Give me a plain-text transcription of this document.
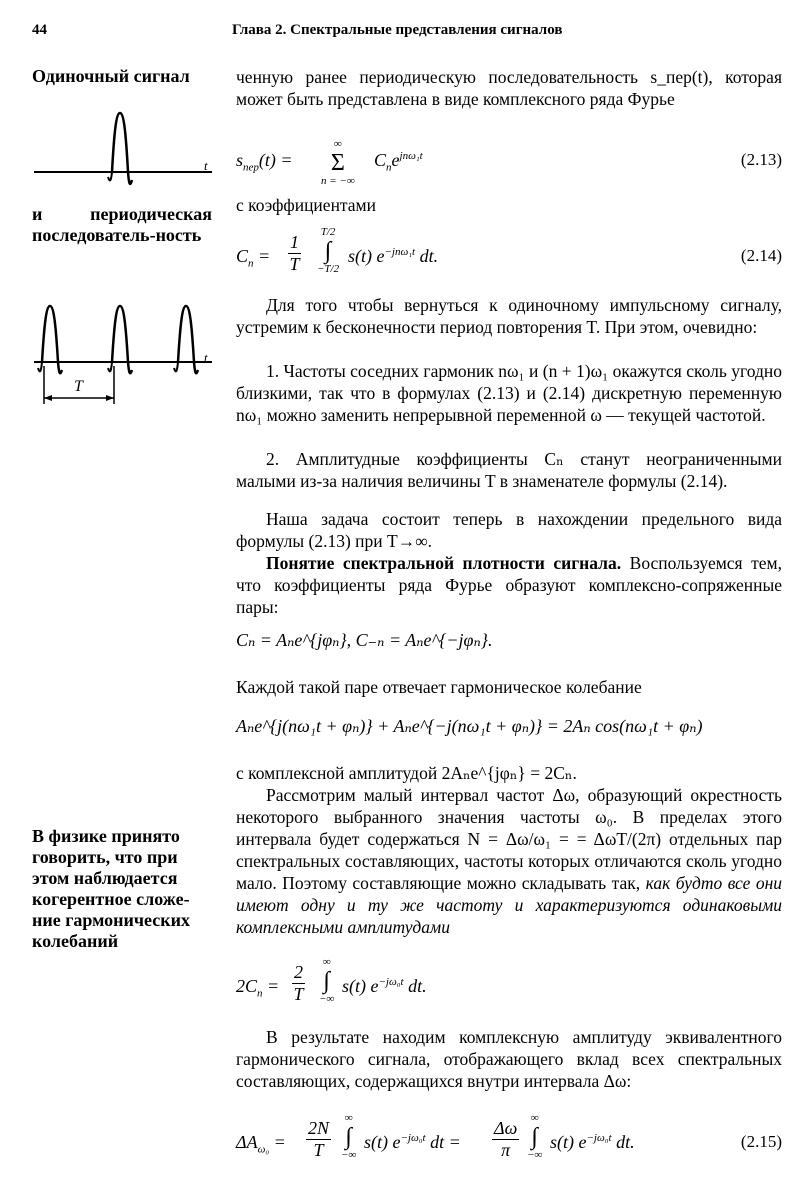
44	Глава 2. Спектральные представления сигналов
Одиночный сигнал
t
и периодическая последователь-ность
t
T
В физике принято говорить, что при этом наблюдается когерентное сложе-ние гармонических колебаний
ченную ранее периодическую последовательность s_пер(t), которая может быть представлена в виде комплексного ряда Фурье
$s_{пер}(t)$ =
∞
Σ
n = −∞
$C_ne^{jn\omega_1t}$	(2.13)
с коэффициентами
$C_n = \frac{1}{T}$	T/2
∫
−T/2
s(t) $e^{-jn\omega_1t}$ dt.	(2.14)
Для того чтобы вернуться к одиночному импульсному сигналу, устремим к бесконечности период повторения T. При этом, очевидно:
1. Частоты соседних гармоник nω₁ и (n + 1)ω₁ окажутся сколь угодно близкими, так что в формулах (2.13) и (2.14) дискретную переменную nω₁ можно заменить непрерывной переменной ω — текущей частотой.
2. Амплитудные коэффициенты Cₙ станут неограниченными малыми из-за наличия величины T в знаменателе формулы (2.14).
Наша задача состоит теперь в нахождении предельного вида формулы (2.13) при T→∞.
Понятие спектральной плотности сигнала. Воспользуемся тем, что коэффициенты ряда Фурье образуют комплексно-сопряженные пары:
Cₙ = Aₙe^{jφₙ}, C₋ₙ = Aₙe^{−jφₙ}.
Каждой такой паре отвечает гармоническое колебание
Aₙe^{j(nω₁t + φₙ)} + Aₙe^{−j(nω₁t + φₙ)} = 2Aₙ cos(nω₁t + φₙ)
с комплексной амплитудой 2Aₙe^{jφₙ} = 2Cₙ.
Рассмотрим малый интервал частот Δω, образующий окрестность некоторого выбранного значения частоты ω₀. В пределах этого интервала будет содержаться N = Δω/ω₁ = = ΔωT/(2π) отдельных пар спектральных составляющих, частоты которых отличаются сколь угодно мало. Поэтому составляющие можно складывать так, как будто все они имеют одну и ту же частоту и характеризуются одинаковыми комплексными амплитудами
$2C_n = \frac{2}{T}$	∞
∫
−∞
s(t) $e^{-j\omega_0t}$ dt.
В результате находим комплексную амплитуду эквивалентного гармонического сигнала, отображающего вклад всех спектральных составляющих, содержащихся внутри интервала Δω:
$\Delta A_{\omega_0} = \frac{2N}{T}$	∞
∫
−∞
s(t) $e^{-j\omega_0t}$ dt = $\frac{\Delta\omega}{\pi}$	∞
∫
−∞
s(t) $e^{-j\omega_0t}$ dt.	(2.15)
